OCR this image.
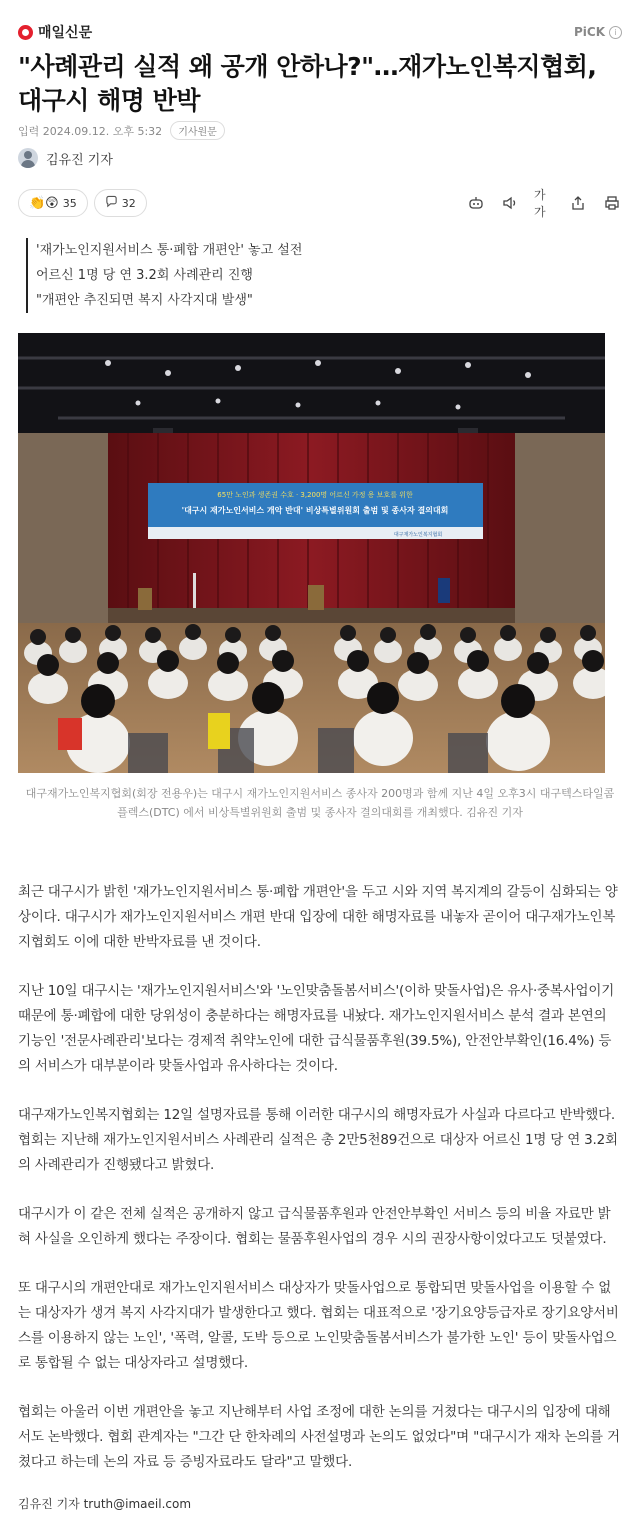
매일신문	PiCK	i
"사례관리 실적 왜 공개 안하나?"…재가노인복지협회, 대구시 해명 반박
입력 2024.09.12. 오후 5:32	기사원문
김유진 기자
👏😲 35	32
가가
'재가노인지원서비스 통·폐합 개편안' 놓고 설전
어르신 1명 당 연 3.2회 사례관리 진행
"개편안 추진되면 복지 사각지대 발생"
65만 노인과 생존권 수호 · 3,200명 어르신 가정 용 보호를 위한
'대구시 재가노인서비스 개악 반대' 비상특별위원회 출범 및 종사자 결의대회
대구재가노인복지협회
대구재가노인복지협회(회장 전용우)는 대구시 재가노인지원서비스 종사자 200명과 함께 지난 4일 오후3시 대구텍스타일콤플렉스(DTC) 에서 비상특별위원회 출범 및 종사자 결의대회를 개최했다. 김유진 기자

최근 대구시가 밝힌 '재가노인지원서비스 통·폐합 개편안'을 두고 시와 지역 복지계의 갈등이 심화되는 양상이다. 대구시가 재가노인지원서비스 개편 반대 입장에 대한 해명자료를 내놓자 곧이어 대구재가노인복지협회도 이에 대한 반박자료를 낸 것이다.

지난 10일 대구시는 '재가노인지원서비스'와 '노인맞춤돌봄서비스'(이하 맞돌사업)은 유사·중복사업이기 때문에 통·폐합에 대한 당위성이 충분하다는 해명자료를 내놨다. 재가노인지원서비스 분석 결과 본연의 기능인 '전문사례관리'보다는 경제적 취약노인에 대한 급식물품후원(39.5%), 안전안부확인(16.4%) 등의 서비스가 대부분이라 맞돌사업과 유사하다는 것이다.

대구재가노인복지협회는 12일 설명자료를 통해 이러한 대구시의 해명자료가 사실과 다르다고 반박했다. 협회는 지난해 재가노인지원서비스 사례관리 실적은 총 2만5천89건으로 대상자 어르신 1명 당 연 3.2회의 사례관리가 진행됐다고 밝혔다.

대구시가 이 같은 전체 실적은 공개하지 않고 급식물품후원과 안전안부확인 서비스 등의 비율 자료만 밝혀 사실을 오인하게 했다는 주장이다. 협회는 물품후원사업의 경우 시의 권장사항이었다고도 덧붙였다.

또 대구시의 개편안대로 재가노인지원서비스 대상자가 맞돌사업으로 통합되면 맞돌사업을 이용할 수 없는 대상자가 생겨 복지 사각지대가 발생한다고 했다. 협회는 대표적으로 '장기요양등급자로 장기요양서비스를 이용하지 않는 노인', '폭력, 알콜, 도박 등으로 노인맞춤돌봄서비스가 불가한 노인' 등이 맞돌사업으로 통합될 수 없는 대상자라고 설명했다.

협회는 아울러 이번 개편안을 놓고 지난해부터 사업 조정에 대한 논의를 거쳤다는 대구시의 입장에 대해서도 논박했다. 협회 관계자는 "그간 단 한차례의 사전설명과 논의도 없었다"며 "대구시가 재차 논의를 거쳤다고 하는데 논의 자료 등 증빙자료라도 달라"고 말했다.

김유진 기자 truth@imaeil.com
